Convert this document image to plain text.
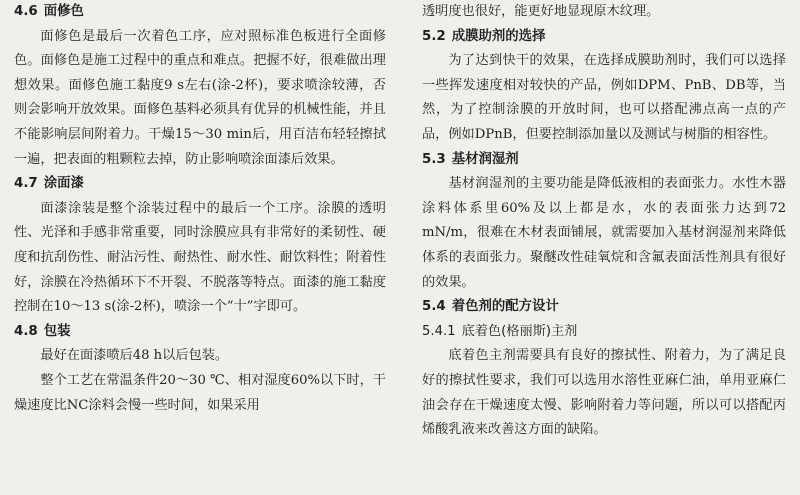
4.6 面修色

面修色是最后一次着色工序，应对照标准色板进行全面修色。面修色是施工过程中的重点和难点。把握不好，很难做出理想效果。面修色施工黏度9 s左右(涂-2杯)，要求喷涂较薄，否则会影响开放效果。面修色基料必须具有优异的机械性能，并且不能影响层间附着力。干燥15～30 min后，用百洁布轻轻擦拭一遍，把表面的粗颗粒去掉，防止影响喷涂面漆后效果。

4.7 涂面漆

面漆涂装是整个涂装过程中的最后一个工序。涂膜的透明性、光泽和手感非常重要，同时涂膜应具有非常好的柔韧性、硬度和抗刮伤性、耐沾污性、耐热性、耐水性、耐饮料性；附着性好，涂膜在冷热循环下不开裂、不脱落等特点。面漆的施工黏度控制在10～13 s(涂-2杯)，喷涂一个“十”字即可。

4.8 包装

最好在面漆喷后48 h以后包装。

整个工艺在常温条件20～30 ℃、相对湿度60%以下时，干燥速度比NC涂料会慢一些时间，如果采用

透明度也很好，能更好地显现原木纹理。

5.2 成膜助剂的选择

为了达到快干的效果，在选择成膜助剂时，我们可以选择一些挥发速度相对较快的产品，例如DPM、PnB、DB等，当然，为了控制涂膜的开放时间，也可以搭配沸点高一点的产品，例如DPnB，但要控制添加量以及测试与树脂的相容性。

5.3 基材润湿剂

基材润湿剂的主要功能是降低液相的表面张力。水性木器涂料体系里60%及以上都是水，水的表面张力达到72 mN/m，很难在木材表面铺展，就需要加入基材润湿剂来降低体系的表面张力。聚醚改性硅氧烷和含氟表面活性剂具有很好的效果。

5.4 着色剂的配方设计
5.4.1 底着色(格丽斯)主剂

底着色主剂需要具有良好的擦拭性、附着力，为了满足良好的擦拭性要求，我们可以选用水溶性亚麻仁油，单用亚麻仁油会存在干燥速度太慢、影响附着力等问题，所以可以搭配丙烯酸乳液来改善这方面的缺陷。
